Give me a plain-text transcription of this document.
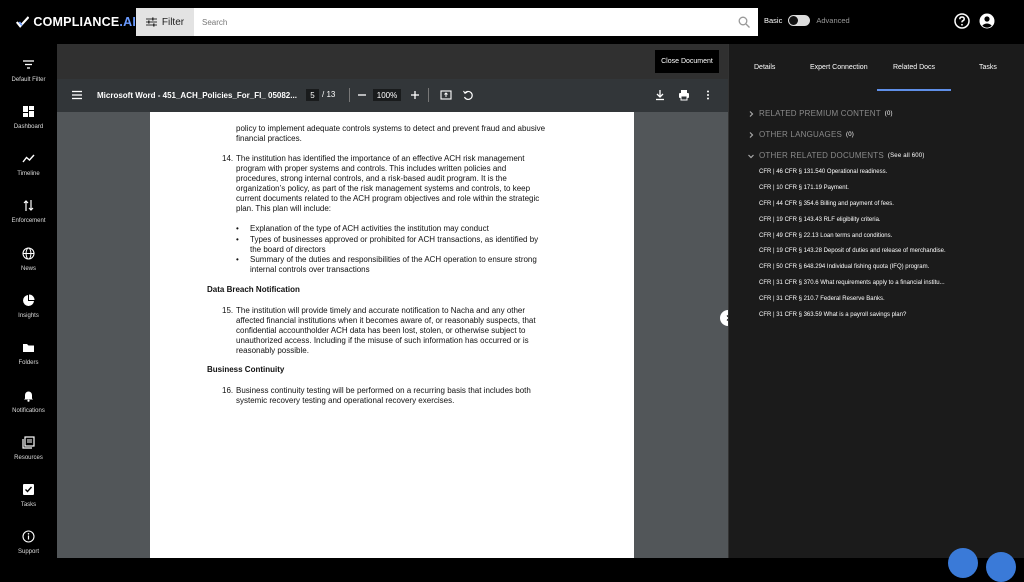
COMPLIANCE.AI	Filter
Search	Basic	Advanced
Default Filter
Dashboard
Timeline
Enforcement
News
Insights
Folders
Notifications
Resources
Tasks
Support
Close Document
Microsoft Word - 451_ACH_Policies_For_FI_ 05082...	5 / 13	100%
policy to implement adequate controls systems to detect and prevent fraud and abusive
financial practices.
14. The institution has identified the importance of an effective ACH risk management
program with proper systems and controls. This includes written policies and
procedures, strong internal controls, and a risk-based audit program. It is the
organization’s policy, as part of the risk management systems and controls, to keep
current documents related to the ACH program objectives and role within the strategic
plan. This plan will include:
• Explanation of the type of ACH activities the institution may conduct
• Types of businesses approved or prohibited for ACH transactions, as identified by
the board of directors
• Summary of the duties and responsibilities of the ACH operation to ensure strong
internal controls over transactions
Data Breach Notification
15. The institution will provide timely and accurate notification to Nacha and any other
affected financial institutions when it becomes aware of, or reasonably suspects, that
confidential accountholder ACH data has been lost, stolen, or otherwise subject to
unauthorized access. Including if the misuse of such information has occurred or is
reasonably possible.
Business Continuity
16. Business continuity testing will be performed on a recurring basis that includes both
systemic recovery testing and operational recovery exercises.
Details	Expert Connection	Related Docs	Tasks
RELATED PREMIUM CONTENT (0)
OTHER LANGUAGES (0)
OTHER RELATED DOCUMENTS (See all 600)
CFR | 46 CFR § 131.540 Operational readiness.
CFR | 10 CFR § 171.19 Payment.
CFR | 44 CFR § 354.6 Billing and payment of fees.
CFR | 19 CFR § 143.43 RLF eligibility criteria.
CFR | 49 CFR § 22.13 Loan terms and conditions.
CFR | 19 CFR § 143.28 Deposit of duties and release of merchandise.
CFR | 50 CFR § 648.294 Individual fishing quota (IFQ) program.
CFR | 31 CFR § 370.6 What requirements apply to a financial institu...
CFR | 31 CFR § 210.7 Federal Reserve Banks.
CFR | 31 CFR § 363.59 What is a payroll savings plan?
